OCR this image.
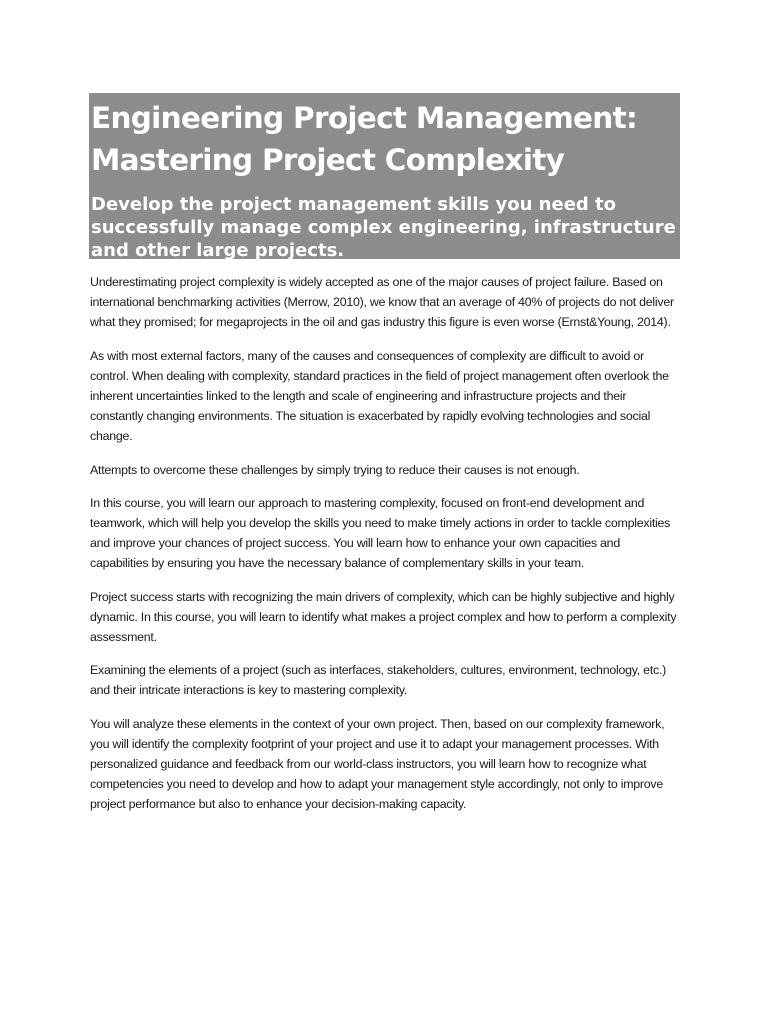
Engineering Project Management:
Mastering Project Complexity

Develop the project management skills you need to successfully manage complex engineering, infrastructure and other large projects.

Underestimating project complexity is widely accepted as one of the major causes of project failure. Based on international benchmarking activities (Merrow, 2010), we know that an average of 40% of projects do not deliver what they promised; for megaprojects in the oil and gas industry this figure is even worse (Ernst&Young, 2014).

As with most external factors, many of the causes and consequences of complexity are difficult to avoid or control. When dealing with complexity, standard practices in the field of project management often overlook the inherent uncertainties linked to the length and scale of engineering and infrastructure projects and their constantly changing environments. The situation is exacerbated by rapidly evolving technologies and social change.

Attempts to overcome these challenges by simply trying to reduce their causes is not enough.

In this course, you will learn our approach to mastering complexity, focused on front-end development and teamwork, which will help you develop the skills you need to make timely actions in order to tackle complexities and improve your chances of project success. You will learn how to enhance your own capacities and capabilities by ensuring you have the necessary balance of complementary skills in your team.

Project success starts with recognizing the main drivers of complexity, which can be highly subjective and highly dynamic. In this course, you will learn to identify what makes a project complex and how to perform a complexity assessment.

Examining the elements of a project (such as interfaces, stakeholders, cultures, environment, technology, etc.) and their intricate interactions is key to mastering complexity.

You will analyze these elements in the context of your own project. Then, based on our complexity framework, you will identify the complexity footprint of your project and use it to adapt your management processes. With personalized guidance and feedback from our world-class instructors, you will learn how to recognize what competencies you need to develop and how to adapt your management style accordingly, not only to improve project performance but also to enhance your decision-making capacity.
